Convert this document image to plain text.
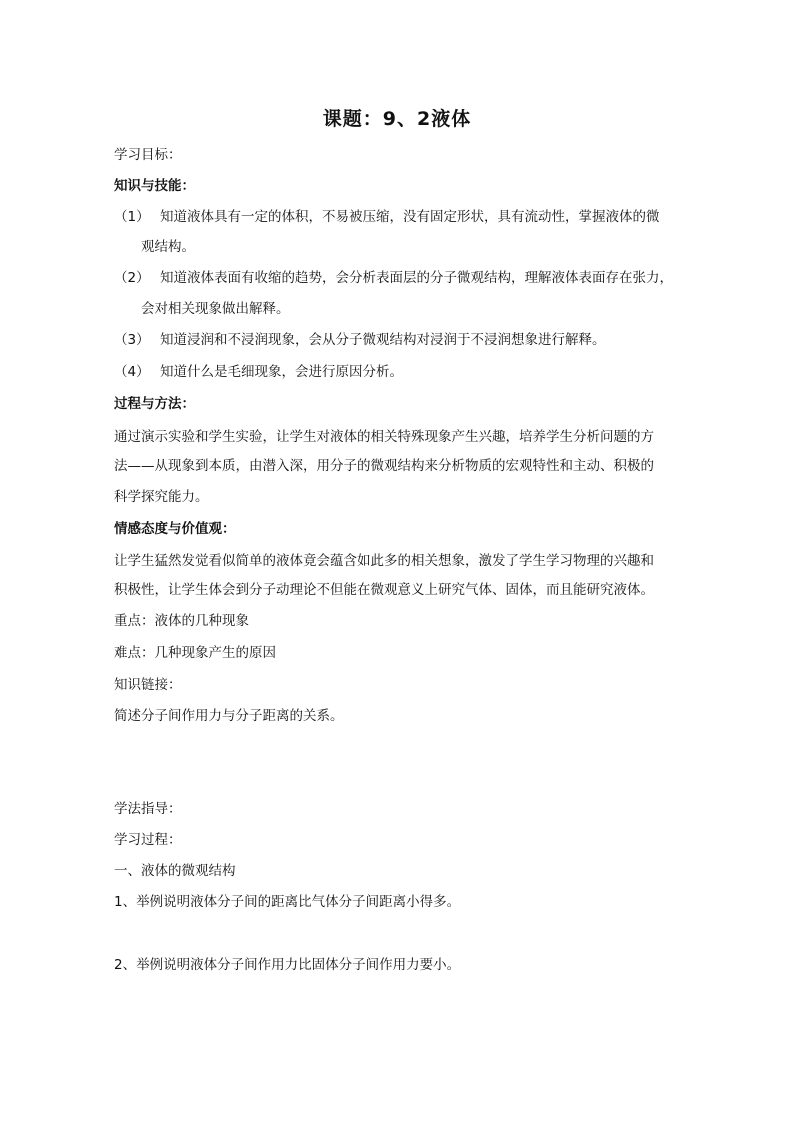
课题：9、2液体
学习目标：
知识与技能：
（1） 知道液体具有一定的体积，不易被压缩，没有固定形状，具有流动性，掌握液体的微
观结构。
（2） 知道液体表面有收缩的趋势，会分析表面层的分子微观结构，理解液体表面存在张力，
会对相关现象做出解释。
（3） 知道浸润和不浸润现象，会从分子微观结构对浸润于不浸润想象进行解释。
（4） 知道什么是毛细现象，会进行原因分析。
过程与方法：
通过演示实验和学生实验，让学生对液体的相关特殊现象产生兴趣，培养学生分析问题的方
法——从现象到本质，由潜入深，用分子的微观结构来分析物质的宏观特性和主动、积极的
科学探究能力。
情感态度与价值观：
让学生猛然发觉看似简单的液体竟会蕴含如此多的相关想象，激发了学生学习物理的兴趣和
积极性，让学生体会到分子动理论不但能在微观意义上研究气体、固体，而且能研究液体。
重点：液体的几种现象
难点：几种现象产生的原因
知识链接：
简述分子间作用力与分子距离的关系。
学法指导：
学习过程：
一、液体的微观结构
1、举例说明液体分子间的距离比气体分子间距离小得多。
2、举例说明液体分子间作用力比固体分子间作用力要小。
